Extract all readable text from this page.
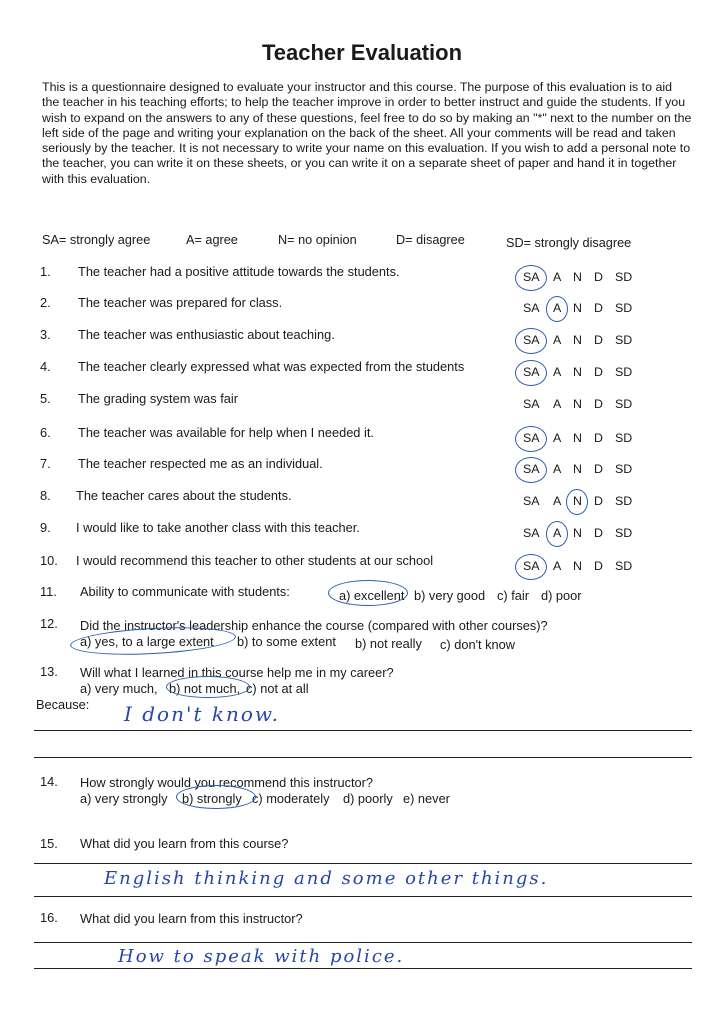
Teacher Evaluation
This is a questionnaire designed to evaluate your instructor and this course. The purpose of this evaluation is to aid the teacher in his teaching efforts; to help the teacher improve in order to better instruct and guide the students. If you wish to expand on the answers to any of these questions, feel free to do so by making an "*" next to the number on the left side of the page and writing your explanation on the back of the sheet. All your comments will be read and taken seriously by the teacher. It is not necessary to write your name on this evaluation. If you wish to add a personal note to the teacher, you can write it on these sheets, or you can write it on a separate sheet of paper and hand it in together with this evaluation.
SA= strongly agree	A= agree	N= no opinion	D= disagree	SD= strongly disagree
1. The teacher had a positive attitude towards the students.	SA A N D SD
2. The teacher was prepared for class.	SA A N D SD
3. The teacher was enthusiastic about teaching.	SA A N D SD
4. The teacher clearly expressed what was expected from the students	SA A N D SD
5. The grading system was fair	SA A N D SD
6. The teacher was available for help when I needed it.	SA A N D SD
7. The teacher respected me as an individual.	SA A N D SD
8. The teacher cares about the students.	SA A N D SD
9. I would like to take another class with this teacher.	SA A N D SD
10. I would recommend this teacher to other students at our school	SA A N D SD
11. Ability to communicate with students:	a) excellent b) very good c) fair d) poor
12. Did the instructor's leadership enhance the course (compared with other courses)?
a) yes, to a large extent b) to some extent b) not really c) don't know
13. Will what I learned in this course help me in my career?
a) very much, b) not much, c) not at all
Because: I don't know.
14. How strongly would you recommend this instructor?
a) very strongly b) strongly c) moderately d) poorly e) never
15. What did you learn from this course?
English thinking and some other things.
16. What did you learn from this instructor?
How to speak with police.
